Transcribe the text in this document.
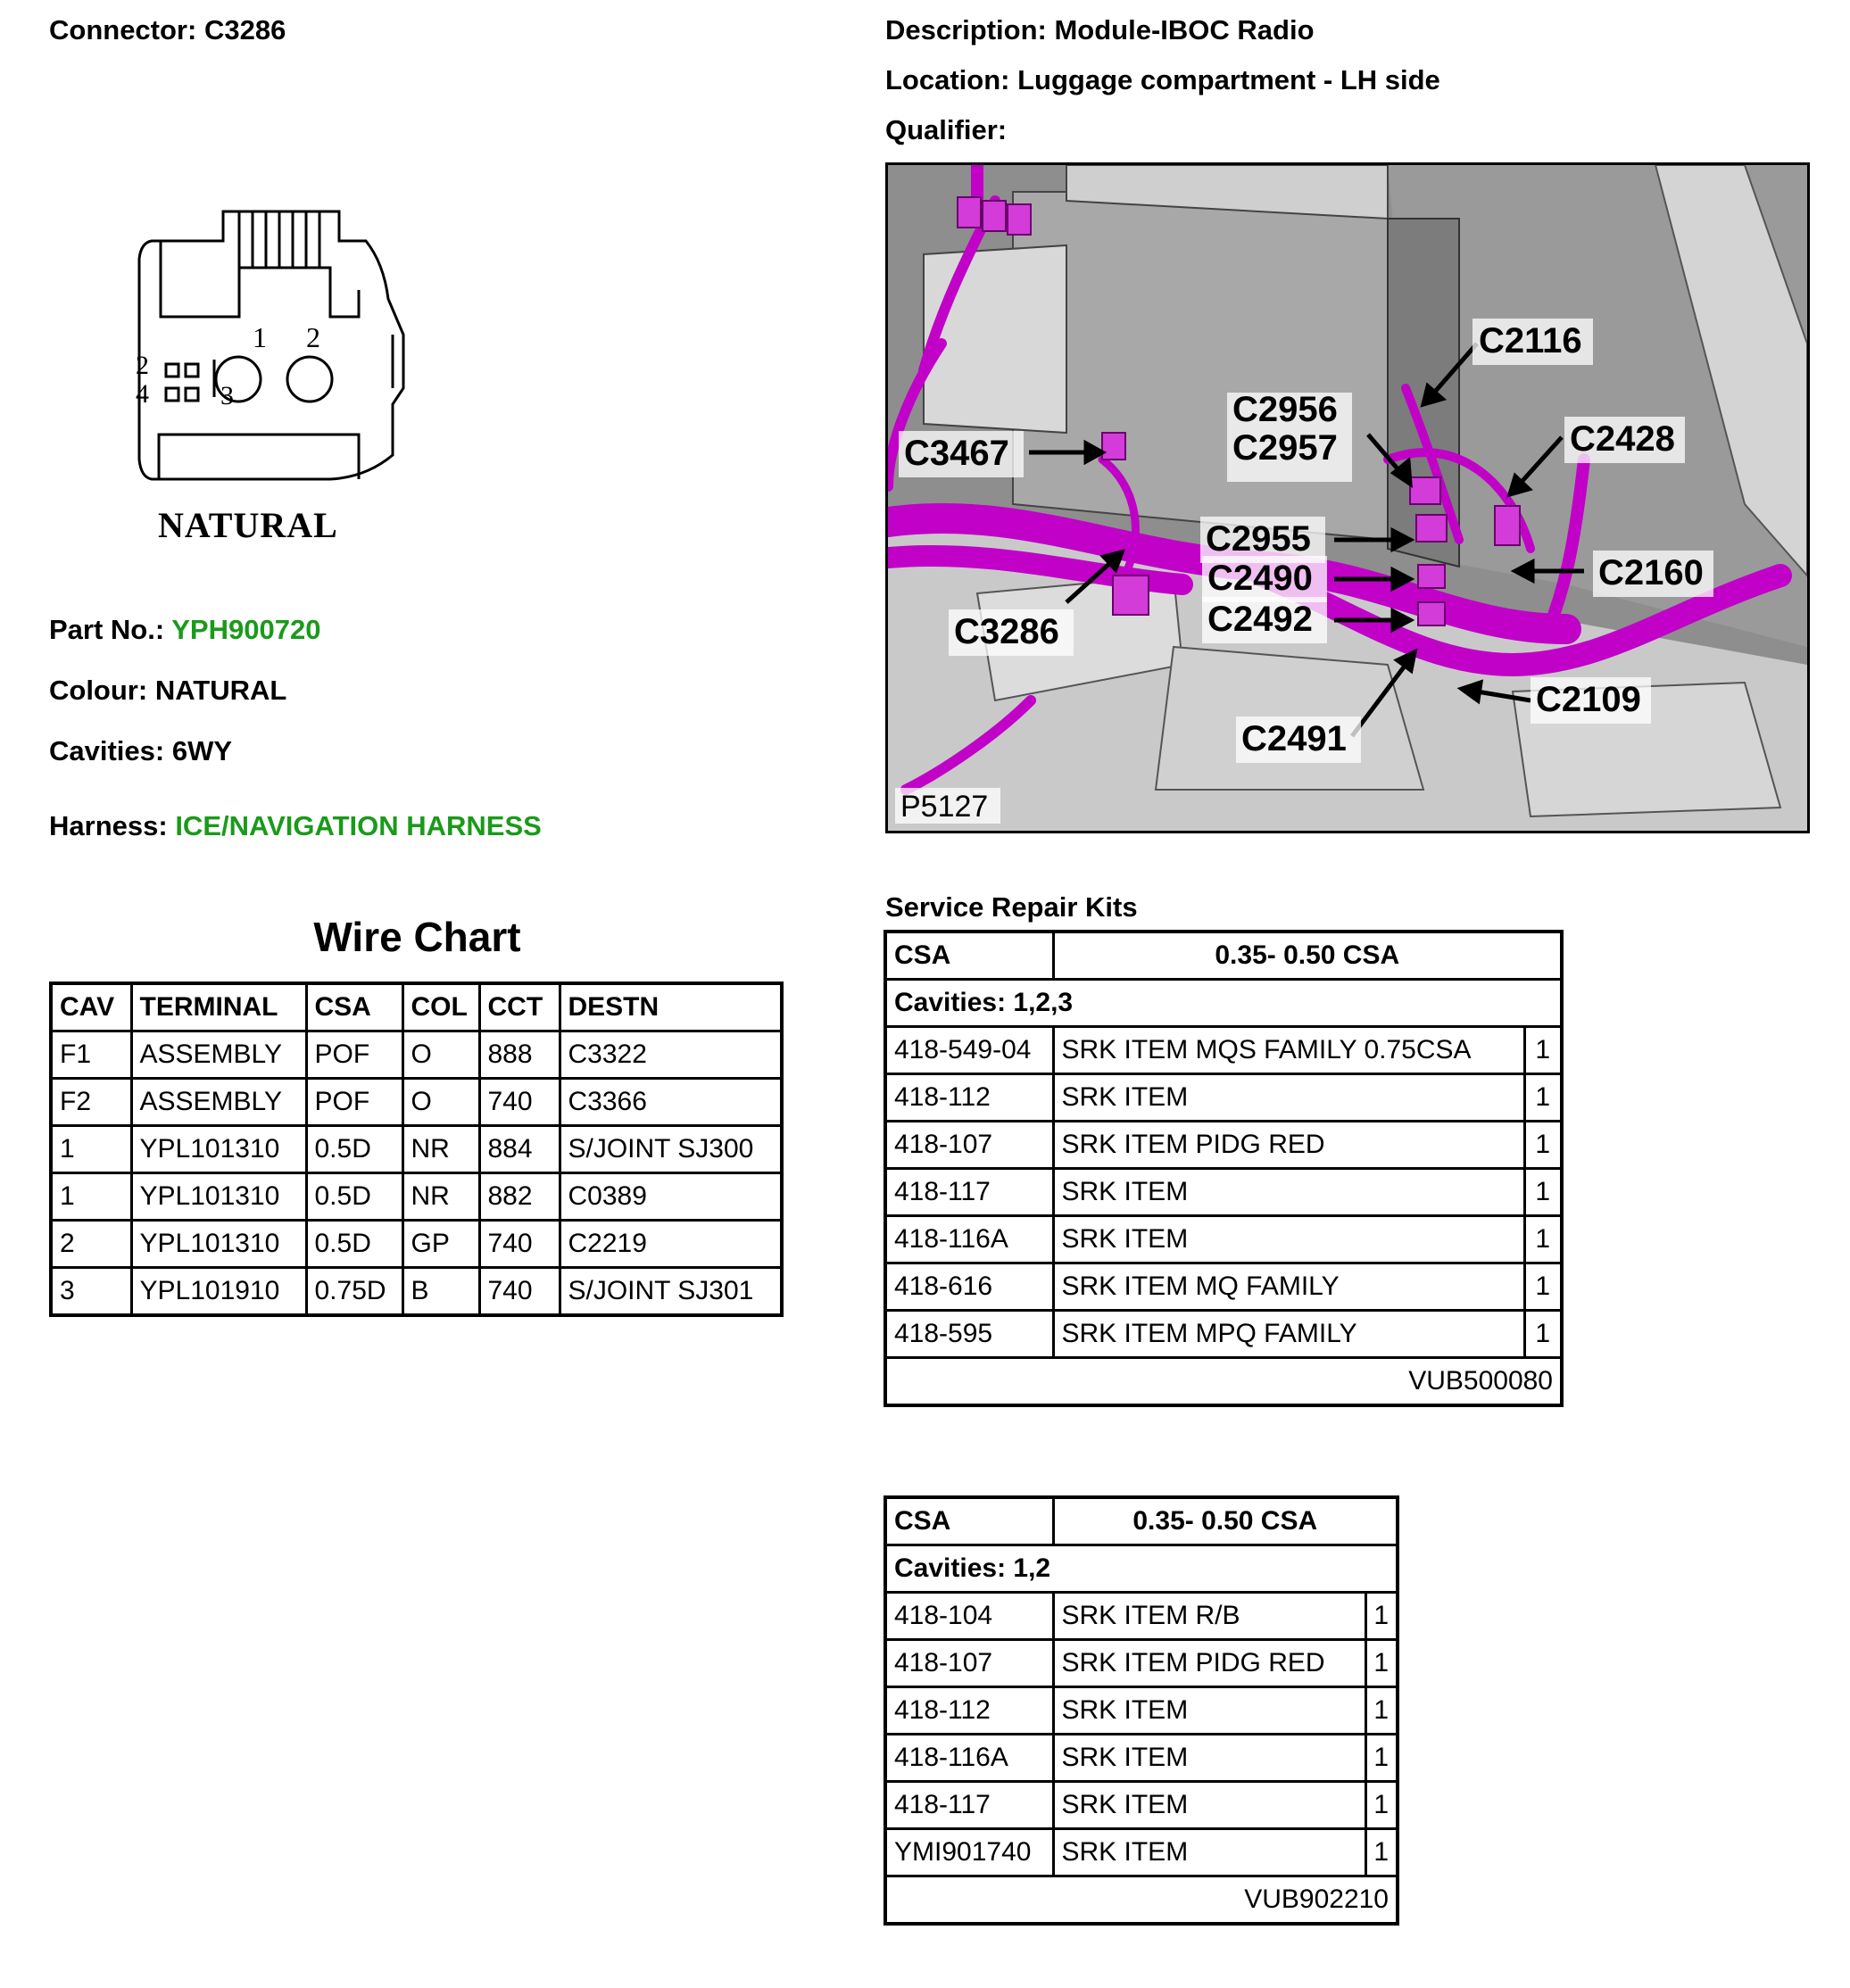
Connector: C3286	Description: Module-IBOC Radio
Location: Luggage compartment - LH side
Qualifier:
1 2
2
4	3
NATURAL
Part No.: YPH900720
Colour: NATURAL
Cavities: 6WY
Harness: ICE/NAVIGATION HARNESS
C2116
C2956
C2957	C2428
C3467
C2955
C2160
C2490
C3286	C2492
C2109
C2491
P5127
Wire Chart
CAV	TERMINAL	CSA	COL	CCT	DESTN
F1	ASSEMBLY	POF	O	888	C3322
F2	ASSEMBLY	POF	O	740	C3366
1	YPL101310	0.5D	NR	884	S/JOINT SJ300
1	YPL101310	0.5D	NR	882	C0389
2	YPL101310	0.5D	GP	740	C2219
3	YPL101910	0.75D	B	740	S/JOINT SJ301
Service Repair Kits
CSA	0.35- 0.50 CSA	
Cavities: 1,2,3		
418-549-04	SRK ITEM MQS FAMILY 0.75CSA	1
418-112	SRK ITEM	1
418-107	SRK ITEM PIDG RED	1
418-117	SRK ITEM	1
418-116A	SRK ITEM	1
418-616	SRK ITEM MQ FAMILY	1
418-595	SRK ITEM MPQ FAMILY	1
VUB500080		
CSA	0.35- 0.50 CSA	
Cavities: 1,2		
418-104	SRK ITEM R/B	1
418-107	SRK ITEM PIDG RED	1
418-112	SRK ITEM	1
418-116A	SRK ITEM	1
418-117	SRK ITEM	1
YMI901740	SRK ITEM	1
VUB902210		
